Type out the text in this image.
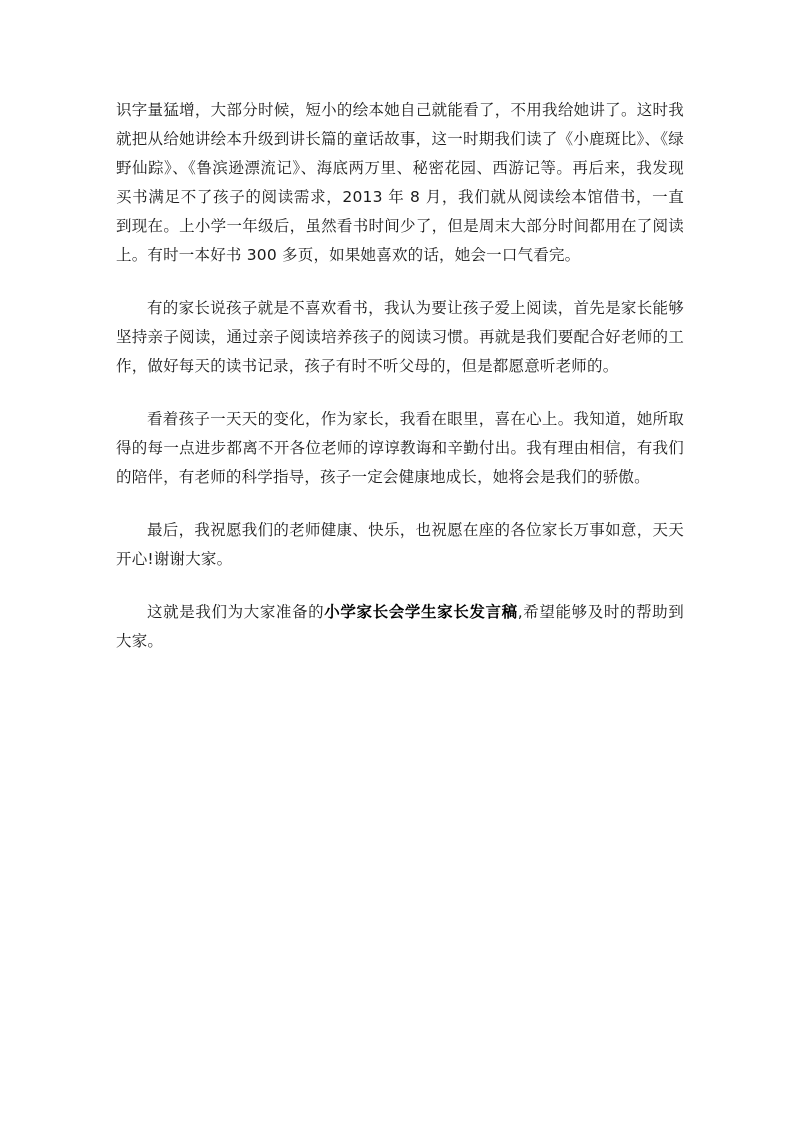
识字量猛增，大部分时候，短小的绘本她自己就能看了，不用我给她讲了。这时我就把从给她讲绘本升级到讲长篇的童话故事，这一时期我们读了《小鹿斑比》、《绿野仙踪》、《鲁滨逊漂流记》、海底两万里、秘密花园、西游记等。再后来，我发现买书满足不了孩子的阅读需求，2013 年 8 月，我们就从阅读绘本馆借书，一直到现在。上小学一年级后，虽然看书时间少了，但是周末大部分时间都用在了阅读上。有时一本好书 300 多页，如果她喜欢的话，她会一口气看完。

有的家长说孩子就是不喜欢看书，我认为要让孩子爱上阅读，首先是家长能够坚持亲子阅读，通过亲子阅读培养孩子的阅读习惯。再就是我们要配合好老师的工作，做好每天的读书记录，孩子有时不听父母的，但是都愿意听老师的。

看着孩子一天天的变化，作为家长，我看在眼里，喜在心上。我知道，她所取得的每一点进步都离不开各位老师的谆谆教诲和辛勤付出。我有理由相信，有我们的陪伴，有老师的科学指导，孩子一定会健康地成长，她将会是我们的骄傲。

最后，我祝愿我们的老师健康、快乐，也祝愿在座的各位家长万事如意，天天开心!谢谢大家。

这就是我们为大家准备的小学家长会学生家长发言稿,希望能够及时的帮助到大家。
